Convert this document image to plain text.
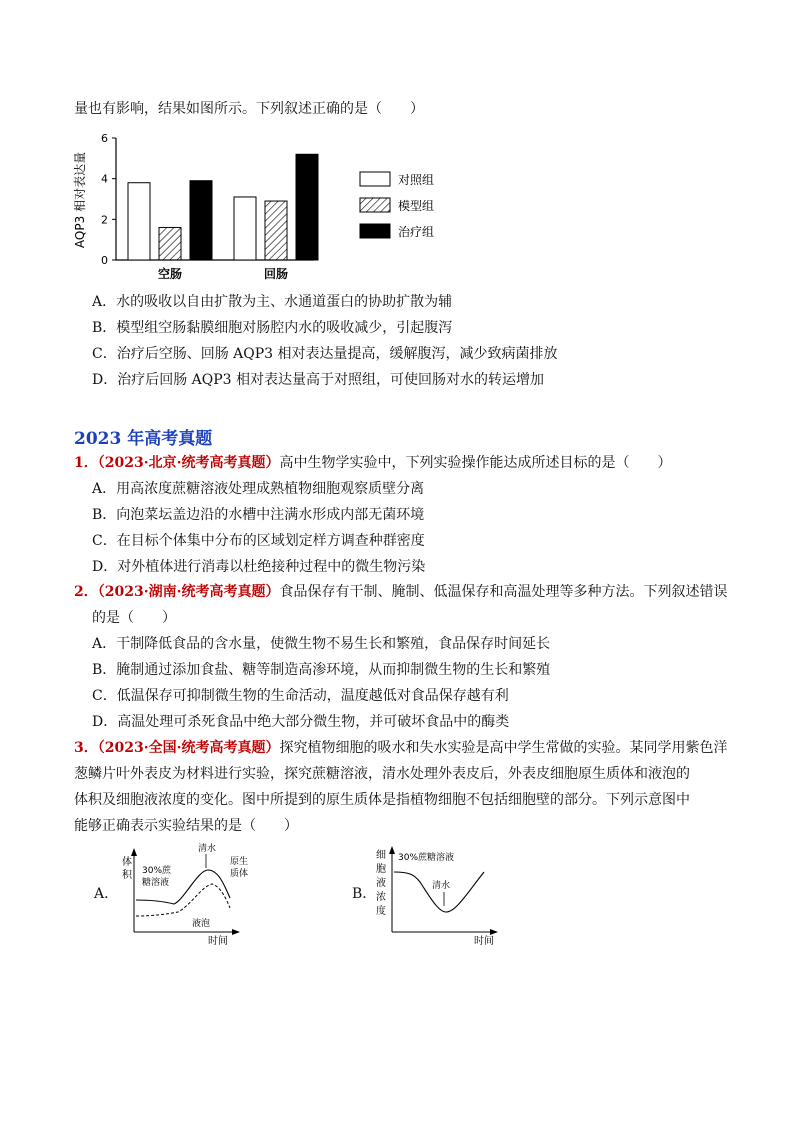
量也有影响，结果如图所示。下列叙述正确的是（　　）
AQP3 相对表达量
0
2
4
6
空肠	回肠
对照组
模型组
治疗组
A．水的吸收以自由扩散为主、水通道蛋白的协助扩散为辅
B．模型组空肠黏膜细胞对肠腔内水的吸收减少，引起腹泻
C．治疗后空肠、回肠 AQP3 相对表达量提高，缓解腹泻，减少致病菌排放
D．治疗后回肠 AQP3 相对表达量高于对照组，可使回肠对水的转运增加
2023 年高考真题
1．（2023·北京·统考高考真题）高中生物学实验中，下列实验操作能达成所述目标的是（　　）
A．用高浓度蔗糖溶液处理成熟植物细胞观察质壁分离
B．向泡菜坛盖边沿的水槽中注满水形成内部无菌环境
C．在目标个体集中分布的区域划定样方调查种群密度
D．对外植体进行消毒以杜绝接种过程中的微生物污染
2．（2023·湖南·统考高考真题）食品保存有干制、腌制、低温保存和高温处理等多种方法。下列叙述错误
的是（　　）
A．干制降低食品的含水量，使微生物不易生长和繁殖，食品保存时间延长
B．腌制通过添加食盐、糖等制造高渗环境，从而抑制微生物的生长和繁殖
C．低温保存可抑制微生物的生命活动，温度越低对食品保存越有利
D．高温处理可杀死食品中绝大部分微生物，并可破坏食品中的酶类
3．（2023·全国·统考高考真题）探究植物细胞的吸水和失水实验是高中学生常做的实验。某同学用紫色洋
葱鳞片叶外表皮为材料进行实验，探究蔗糖溶液，清水处理外表皮后，外表皮细胞原生质体和液泡的
体积及细胞液浓度的变化。图中所提到的原生质体是指植物细胞不包括细胞壁的部分。下列示意图中
能够正确表示实验结果的是（　　）
A．
体
积 30%蔗
糖溶液
清水
原生
质体
液泡
时间
B．
细
胞
液
浓
度
30%蔗糖溶液
清水
时间
